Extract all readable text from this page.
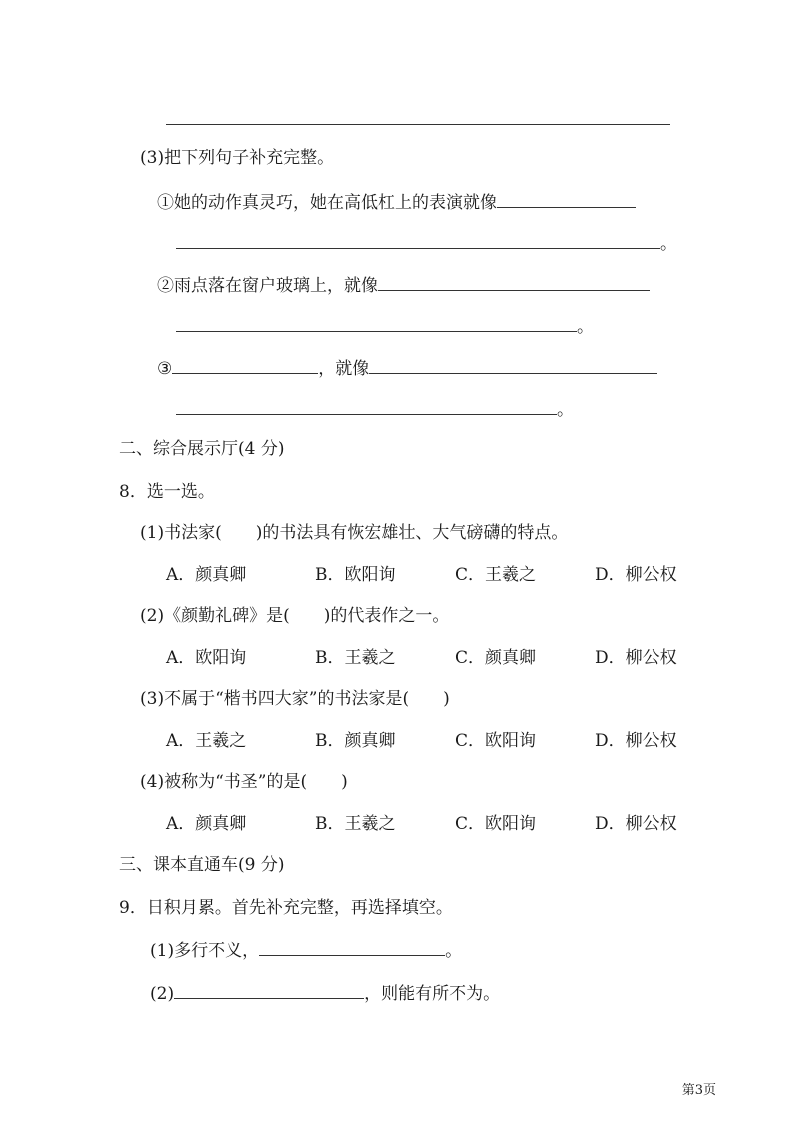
(3)把下列句子补充完整。
①她的动作真灵巧，她在高低杠上的表演就像
。
②雨点落在窗户玻璃上，就像
。
③	，就像
。
二、综合展示厅(4 分)
8．选一选。
(1)书法家(　　)的书法具有恢宏雄壮、大气磅礴的特点。
A．颜真卿	B．欧阳询	C．王羲之	D．柳公权
(2)《颜勤礼碑》是(　　)的代表作之一。
A．欧阳询	B．王羲之	C．颜真卿	D．柳公权
(3)不属于“楷书四大家”的书法家是(　　)
A．王羲之	B．颜真卿	C．欧阳询	D．柳公权
(4)被称为“书圣”的是(　　)
A．颜真卿	B．王羲之	C．欧阳询	D．柳公权
三、课本直通车(9 分)
9．日积月累。首先补充完整，再选择填空。
(1)多行不义，	。
(2)	，则能有所不为。
第3页
